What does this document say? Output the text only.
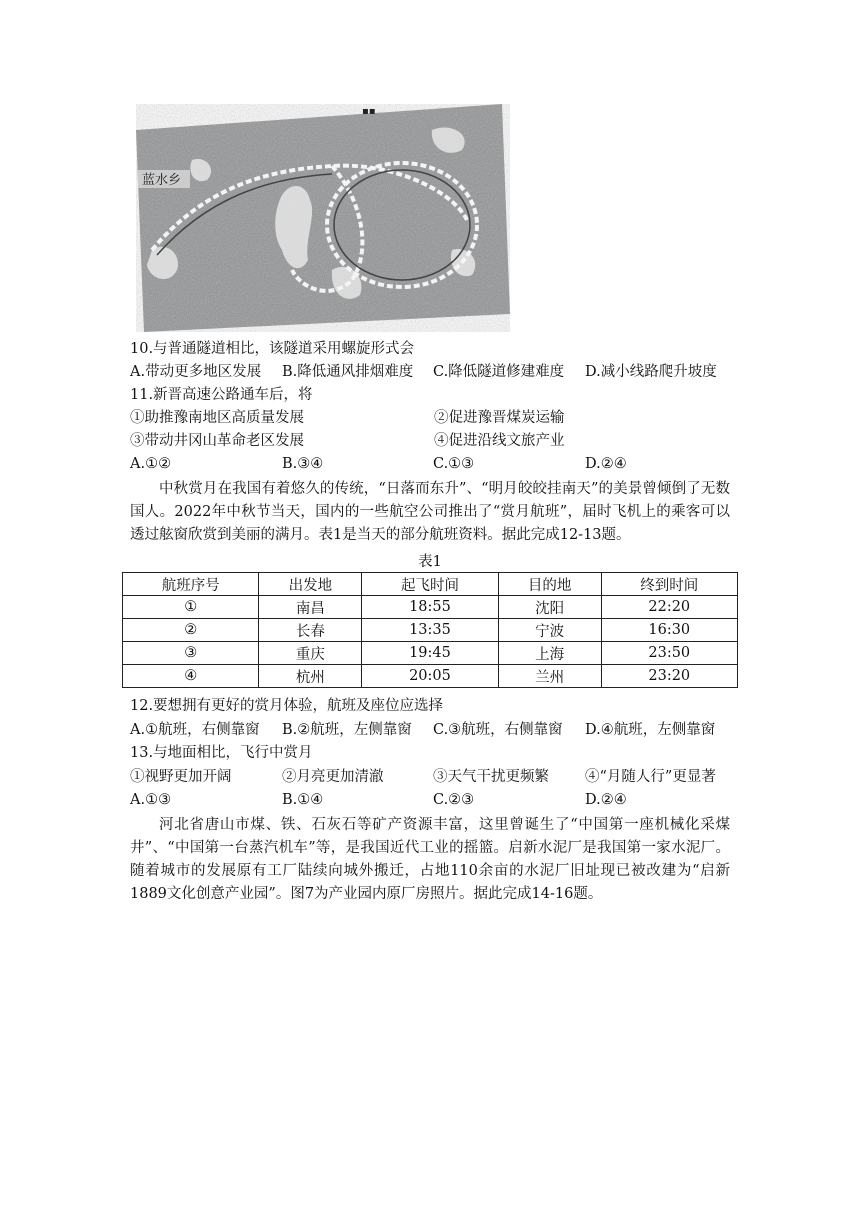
▪▪
蓝水乡
10.与普通隧道相比，该隧道采用螺旋形式会
A.带动更多地区发展 B.降低通风排烟难度 C.降低隧道修建难度 D.减小线路爬升坡度
11.新晋高速公路通车后，将
①助推豫南地区高质量发展	②促进豫晋煤炭运输
③带动井冈山革命老区发展	④促进沿线文旅产业
A.①②	B.③④	C.①③	D.②④

中秋赏月在我国有着悠久的传统，“日落而东升”、“明月皎皎挂南天”的美景曾倾倒了无数国人。2022年中秋节当天，国内的一些航空公司推出了“赏月航班”，届时飞机上的乘客可以透过舷窗欣赏到美丽的满月。表1是当天的部分航班资料。据此完成12-13题。

表1
航班序号	出发地	起飞时间	目的地	终到时间
①	南昌	18:55	沈阳	22:20
②	长春	13:35	宁波	16:30
③	重庆	19:45	上海	23:50
④	杭州	20:05	兰州	23:20
12.要想拥有更好的赏月体验，航班及座位应选择
A.①航班，右侧靠窗 B.②航班，左侧靠窗 C.③航班，右侧靠窗 D.④航班，左侧靠窗
13.与地面相比，飞行中赏月
①视野更加开阔	②月亮更加清澈	③天气干扰更频繁 ④“月随人行”更显著
A.①③	B.①④	C.②③	D.②④

河北省唐山市煤、铁、石灰石等矿产资源丰富，这里曾诞生了“中国第一座机械化采煤井”、“中国第一台蒸汽机车”等，是我国近代工业的摇篮。启新水泥厂是我国第一家水泥厂。随着城市的发展原有工厂陆续向城外搬迁，占地110余亩的水泥厂旧址现已被改建为“启新1889文化创意产业园”。图7为产业园内原厂房照片。据此完成14-16题。
